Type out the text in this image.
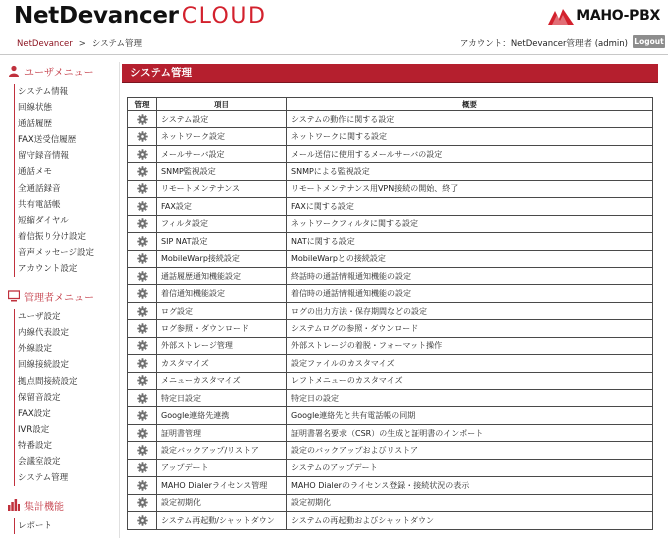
NetDevancer CLOUD	MAHO-PBX
NetDevancer > システム管理	アカウント：NetDevancer管理者 (admin) Logout
ユーザメニュー
システム情報
回線状態
通話履歴
FAX送受信履歴
留守録音情報
通話メモ
全通話録音
共有電話帳
短縮ダイヤル
着信振り分け設定
音声メッセージ設定
アカウント設定
管理者メニュー
ユーザ設定
内線代表設定
外線設定
回線接続設定
拠点間接続設定
保留音設定
FAX設定
IVR設定
特番設定
会議室設定
システム管理
集計機能
レポート
システム管理
管理	項目	概要
	システム設定	システムの動作に関する設定
	ネットワーク設定	ネットワークに関する設定
	メールサーバ設定	メール送信に使用するメールサーバの設定
	SNMP監視設定	SNMPによる監視設定
	リモートメンテナンス	リモートメンテナンス用VPN接続の開始、終了
	FAX設定	FAXに関する設定
	フィルタ設定	ネットワークフィルタに関する設定
	SIP NAT設定	NATに関する設定
	MobileWarp接続設定	MobileWarpとの接続設定
	通話履歴通知機能設定	終話時の通話情報通知機能の設定
	着信通知機能設定	着信時の通話情報通知機能の設定
	ログ設定	ログの出力方法・保存期間などの設定
	ログ参照・ダウンロード	システムログの参照・ダウンロード
	外部ストレージ管理	外部ストレージの着脱・フォーマット操作
	カスタマイズ	設定ファイルのカスタマイズ
	メニューカスタマイズ	レフトメニューのカスタマイズ
	特定日設定	特定日の設定
	Google連絡先連携	Google連絡先と共有電話帳の同期
	証明書管理	証明書署名要求（CSR）の生成と証明書のインポート
	設定バックアップ/リストア	設定のバックアップおよびリストア
	アップデート	システムのアップデート
	MAHO Dialerライセンス管理	MAHO Dialerのライセンス登録・接続状況の表示
	設定初期化	設定初期化
	システム再起動/シャットダウン	システムの再起動およびシャットダウン
